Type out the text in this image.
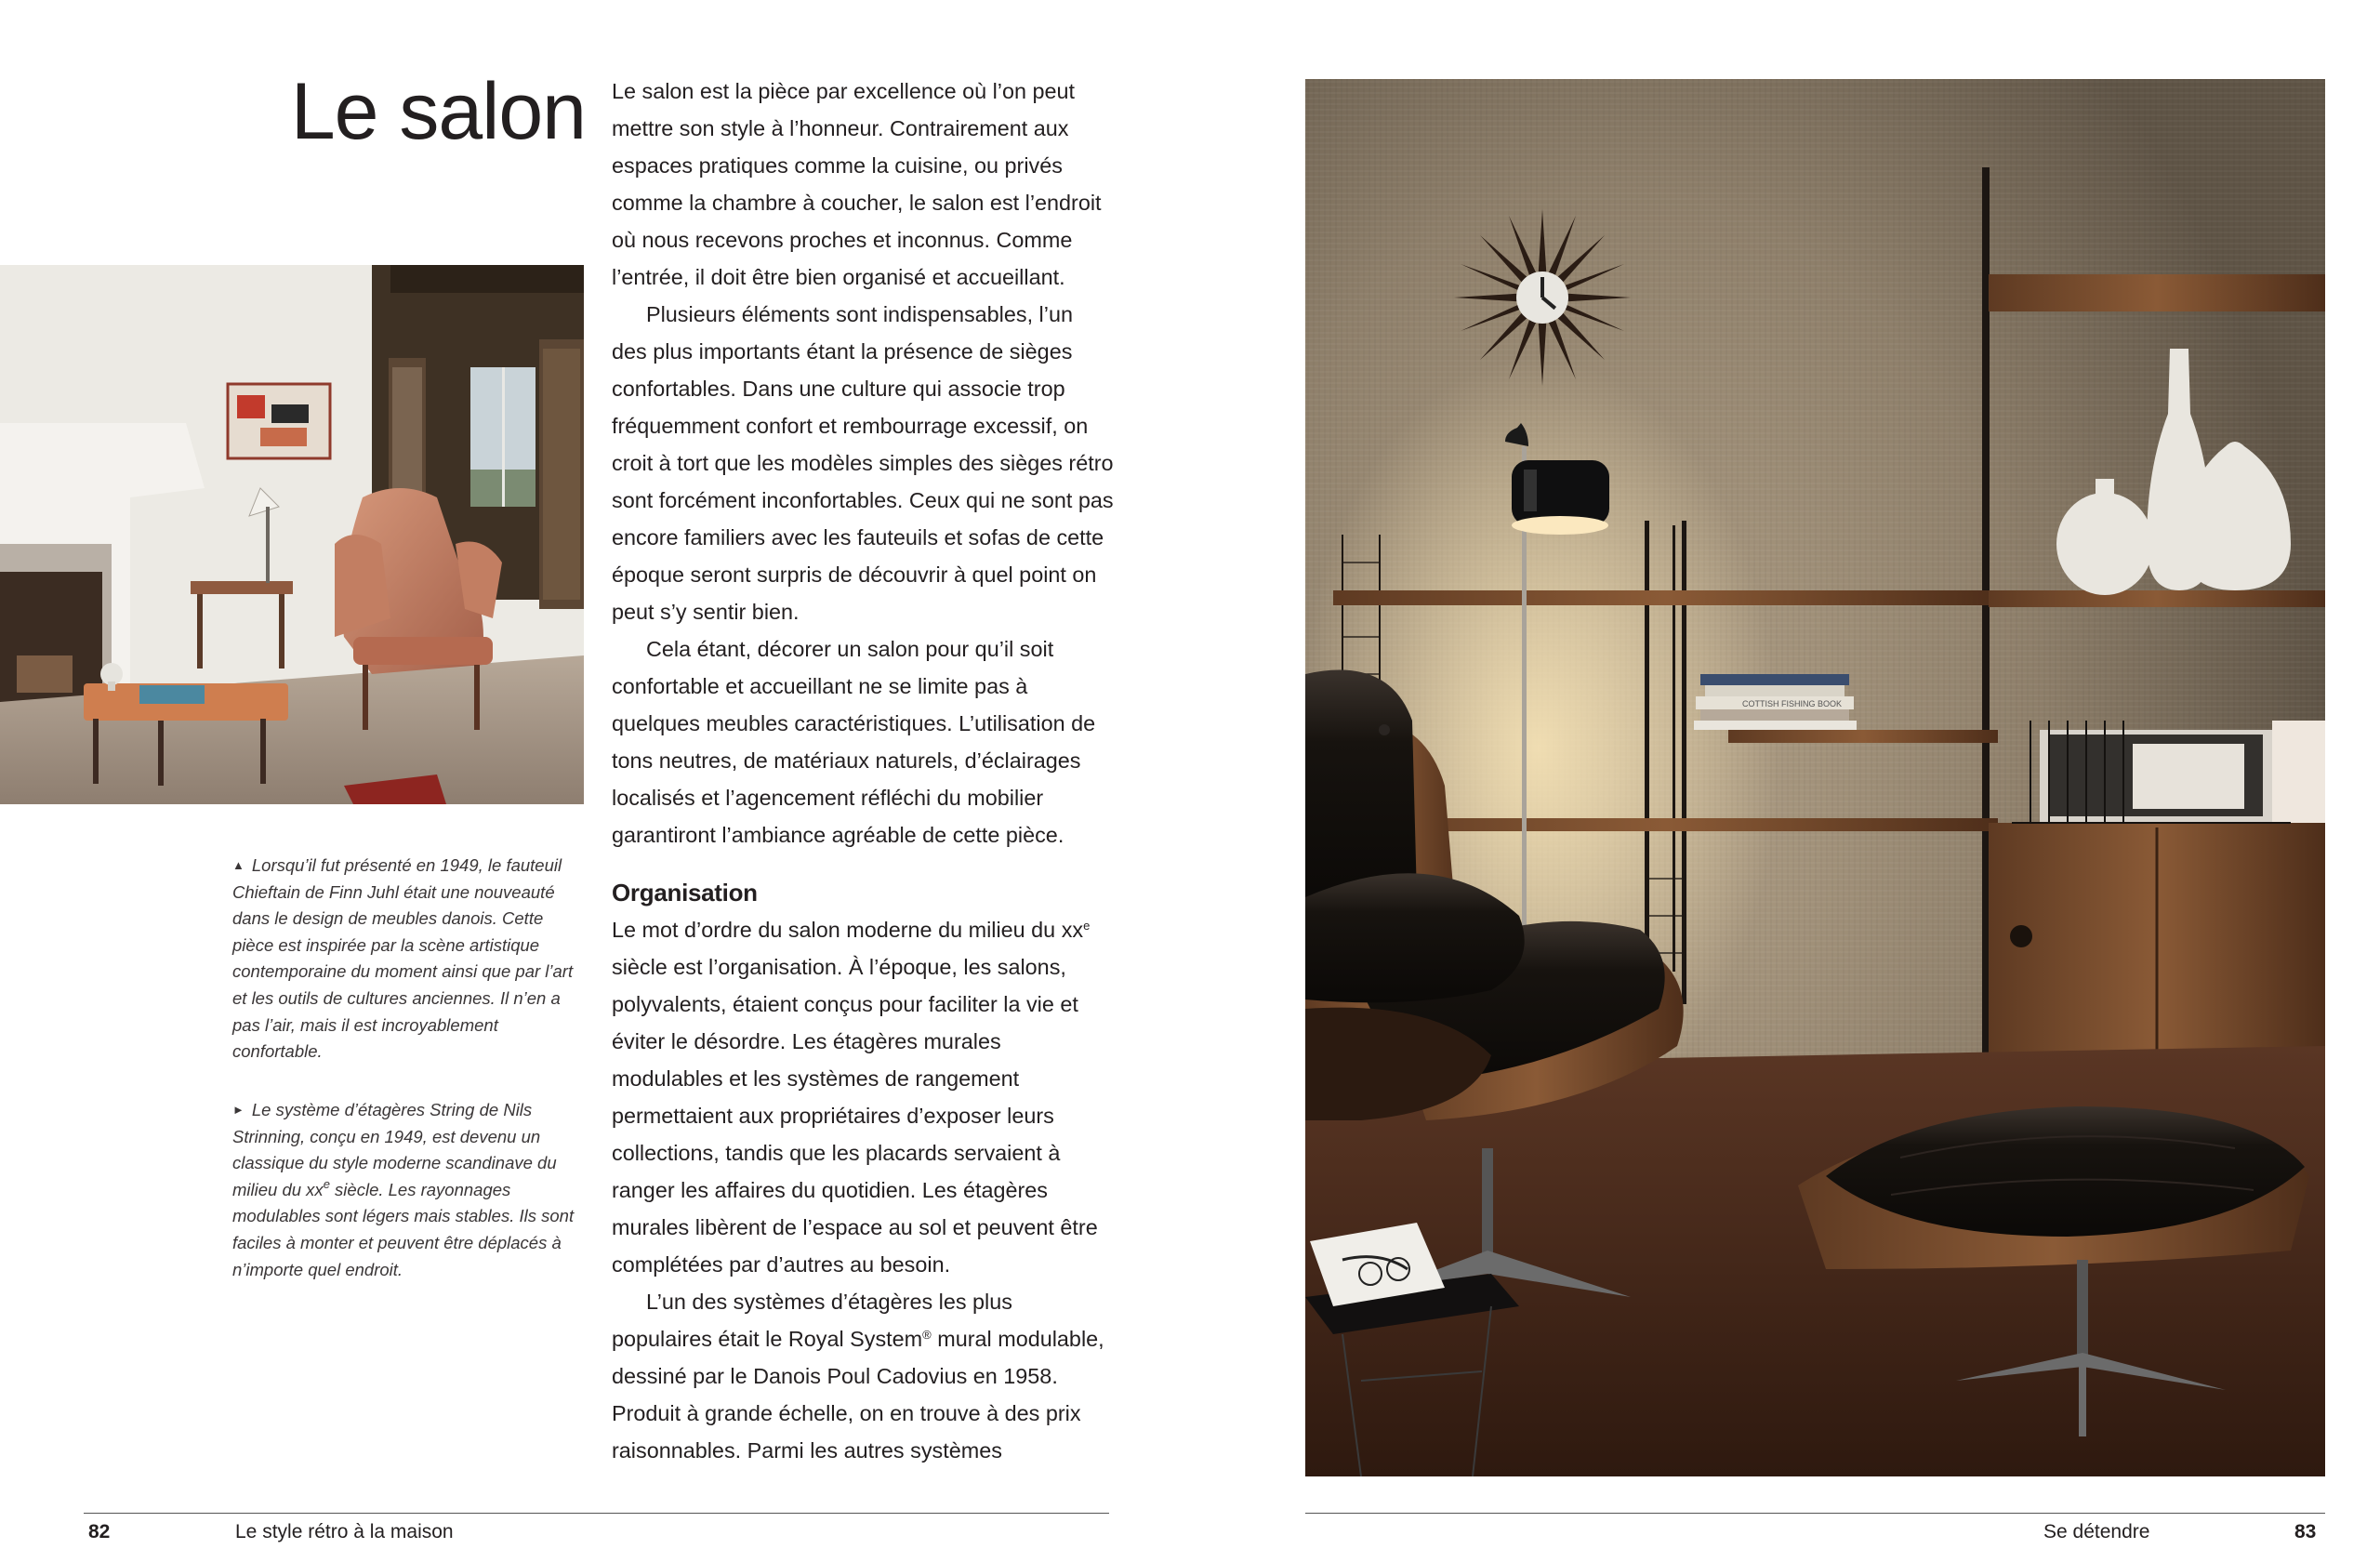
Le salon Le salon est la pièce par excellence où l’on peut mettre son style à l’honneur. Contrairement aux espaces pratiques comme la cuisine, ou privés comme la chambre à coucher, le salon est l’endroit où nous recevons proches et inconnus. Comme l’entrée, il doit être bien organisé et accueillant.

Plusieurs éléments sont indispensables, l’un des plus importants étant la présence de sièges confortables. Dans une culture qui associe trop fréquemment confort et rembourrage excessif, on croit à tort que les modèles simples des sièges rétro sont forcément inconfortables. Ceux qui ne sont pas encore familiers avec les fauteuils et sofas de cette époque seront surpris de découvrir à quel point on peut s’y sentir bien.

Cela étant, décorer un salon pour qu’il soit confortable et accueillant ne se limite pas à quelques meubles caractéristiques. L’utilisation de tons neutres, de matériaux naturels, d’éclairages localisés et l’agencement réfléchi du mobilier garantiront l’ambiance agréable de cette pièce.

Organisation

Le mot d’ordre du salon moderne du milieu du $xx^e$ siècle est l’organisation. À l’époque, les salons, polyvalents, étaient conçus pour faciliter la vie et éviter le désordre. Les étagères murales modulables et les systèmes de rangement permettaient aux propriétaires d’exposer leurs collections, tandis que les placards servaient à ranger les affaires du quotidien. Les étagères murales libèrent de l’espace au sol et peuvent être complétées par d’autres au besoin.

L’un des systèmes d’étagères les plus populaires était le Royal System® mural modulable, dessiné par le Danois Poul Cadovius en 1958. Produit à grande échelle, on en trouve à des prix raisonnables. Parmi les autres systèmes

▲ Lorsqu’il fut présenté en 1949, le fauteuil Chieftain de Finn Juhl était une nouveauté dans le design de meubles danois. Cette pièce est inspirée par la scène artistique contemporaine du moment ainsi que par l’art et les outils de cultures anciennes. Il n’en a pas l’air, mais il est incroyablement confortable.
► Le système d’étagères String de Nils Strinning, conçu en 1949, est devenu un classique du style moderne scandinave du milieu du $xx^e$ siècle. Les rayonnages modulables sont légers mais stables. Ils sont faciles à monter et peuvent être déplacés à n’importe quel endroit.
COTTISH FISHING BOOK
82	Le style rétro à la maison	Se détendre	83
